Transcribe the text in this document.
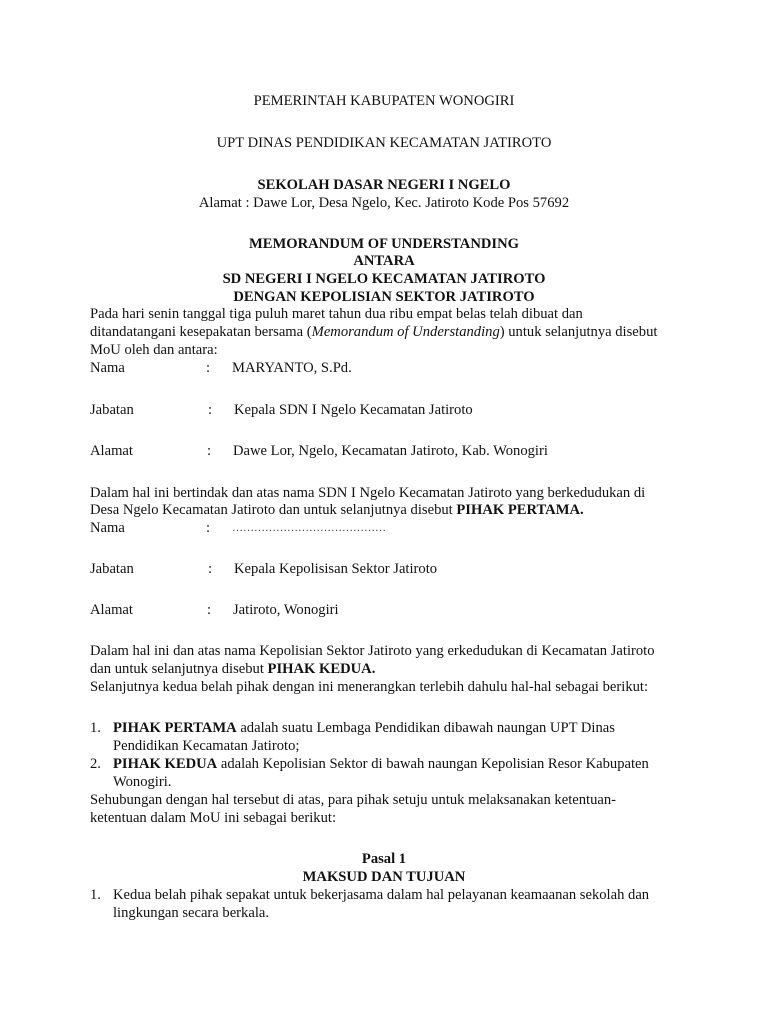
PEMERINTAH KABUPATEN WONOGIRI
UPT DINAS PENDIDIKAN KECAMATAN JATIROTO
SEKOLAH DASAR NEGERI I NGELO
Alamat : Dawe Lor, Desa Ngelo, Kec. Jatiroto Kode Pos 57692
MEMORANDUM OF UNDERSTANDING
ANTARA
SD NEGERI I NGELO KECAMATAN JATIROTO
DENGAN KEPOLISIAN SEKTOR JATIROTO
Pada hari senin tanggal tiga puluh maret tahun dua ribu empat belas telah dibuat dan
ditandatangani kesepakatan bersama (Memorandum of Understanding) untuk selanjutnya disebut
MoU oleh dan antara:
Nama	: MARYANTO, S.Pd.
Jabatan	: Kepala SDN I Ngelo Kecamatan Jatiroto
Alamat	: Dawe Lor, Ngelo, Kecamatan Jatiroto, Kab. Wonogiri
Dalam hal ini bertindak dan atas nama SDN I Ngelo Kecamatan Jatiroto yang berkedudukan di
Desa Ngelo Kecamatan Jatiroto dan untuk selanjutnya disebut PIHAK PERTAMA.
Nama	: ……………………………………
Jabatan	: Kepala Kepolisisan Sektor Jatiroto
Alamat	: Jatiroto, Wonogiri
Dalam hal ini dan atas nama Kepolisian Sektor Jatiroto yang erkedudukan di Kecamatan Jatiroto
dan untuk selanjutnya disebut PIHAK KEDUA.
Selanjutnya kedua belah pihak dengan ini menerangkan terlebih dahulu hal-hal sebagai berikut:
1. PIHAK PERTAMA adalah suatu Lembaga Pendidikan dibawah naungan UPT Dinas
Pendidikan Kecamatan Jatiroto;
2. PIHAK KEDUA adalah Kepolisian Sektor di bawah naungan Kepolisian Resor Kabupaten
Wonogiri.
Sehubungan dengan hal tersebut di atas, para pihak setuju untuk melaksanakan ketentuan-
ketentuan dalam MoU ini sebagai berikut:
Pasal 1
MAKSUD DAN TUJUAN
1. Kedua belah pihak sepakat untuk bekerjasama dalam hal pelayanan keamaanan sekolah dan
lingkungan secara berkala.
